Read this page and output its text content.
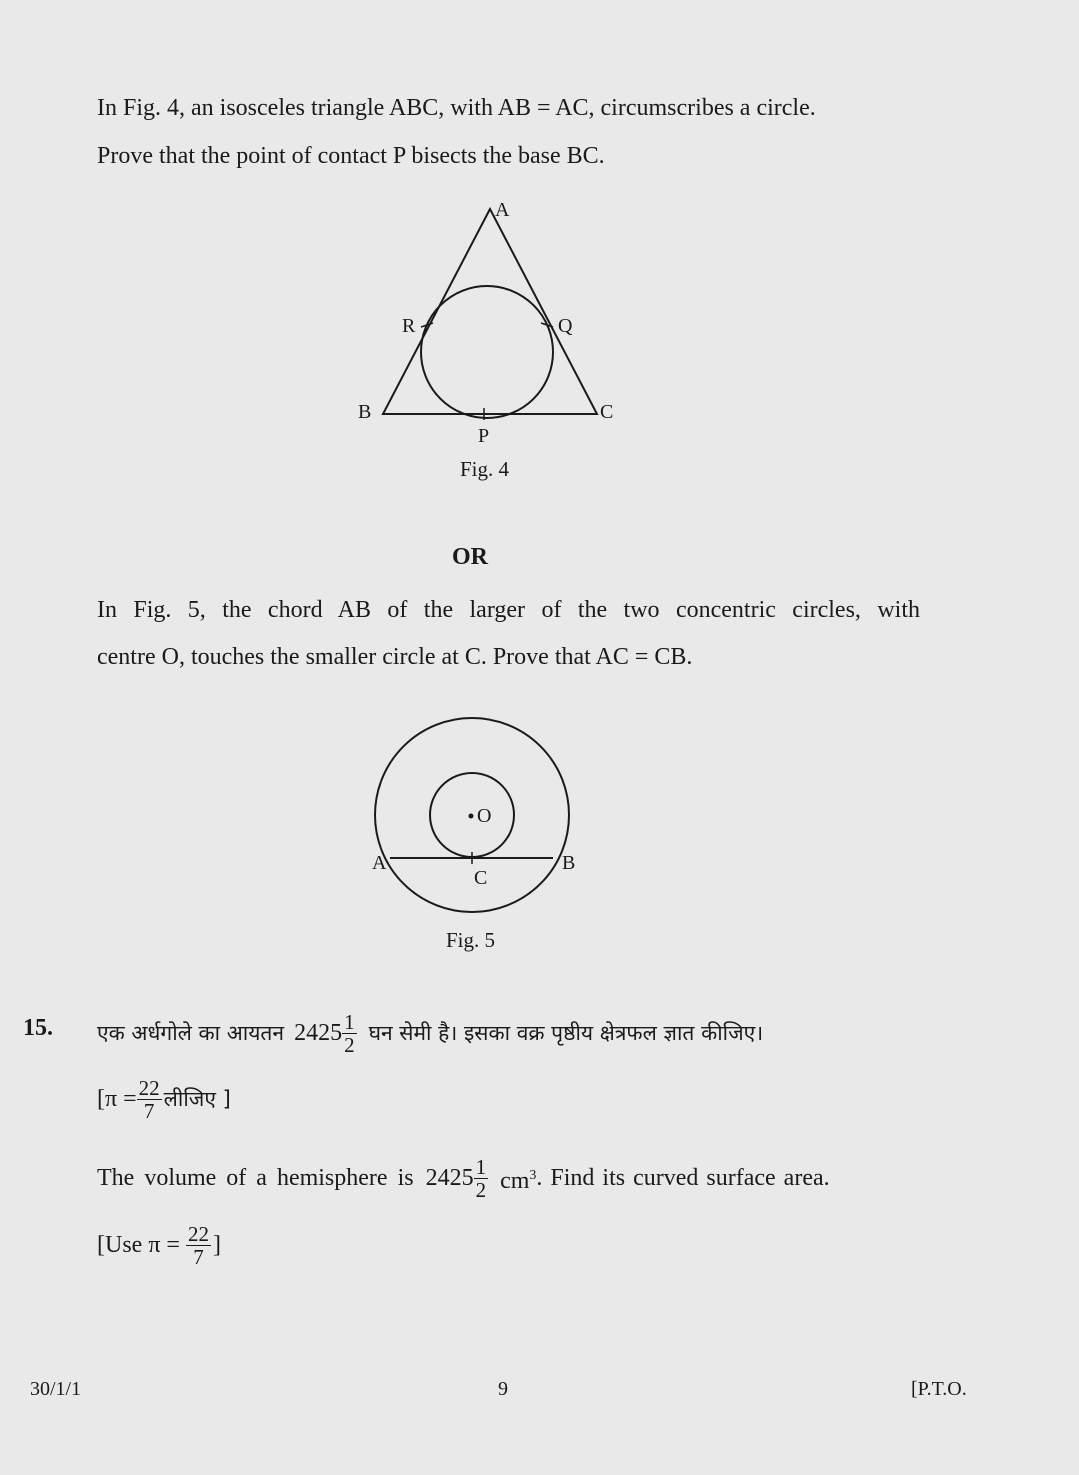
In Fig. 4, an isosceles triangle ABC, with AB = AC, circumscribes a circle.
Prove that the point of contact P bisects the base BC.
A
B	C
P
Q
R
Fig. 4
OR
In Fig. 5, the chord AB of the larger of the two concentric circles, with
centre O, touches the smaller circle at C. Prove that AC = CB.
O
A	B
C
Fig. 5
15. एक अर्धगोले का आयतन $2425 \frac{1}{2}$ घन सेमी है। इसका वक्र पृष्ठीय क्षेत्रफल ज्ञात कीजिए।
[$\pi = \frac{22}{7}$ लीजिए ]
The volume of a hemisphere is $2425 \frac{1}{2} cm^3$ . Find its curved surface area.
[Use $\pi = \frac{22}{7}$ ]
30/1/1	9	[P.T.O.
